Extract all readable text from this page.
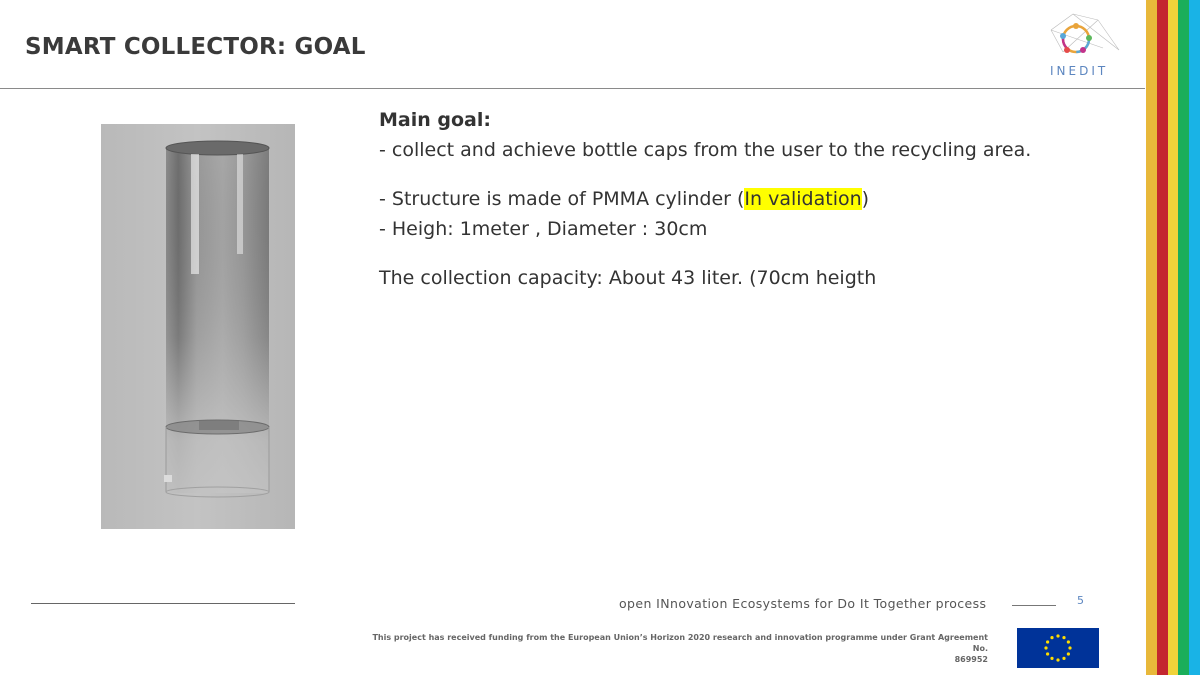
SMART COLLECTOR: GOAL
INEDIT

Main goal:

- collect and achieve bottle caps from the user to the recycling area.

- Structure is made of PMMA cylinder (In validation)

- Heigh: 1meter , Diameter : 30cm

The collection capacity: About 43 liter. (70cm heigth

open INnovation Ecosystems for Do It Together process	5
This project has received funding from the European Union’s Horizon 2020 research and innovation programme under Grant Agreement No.
869952
